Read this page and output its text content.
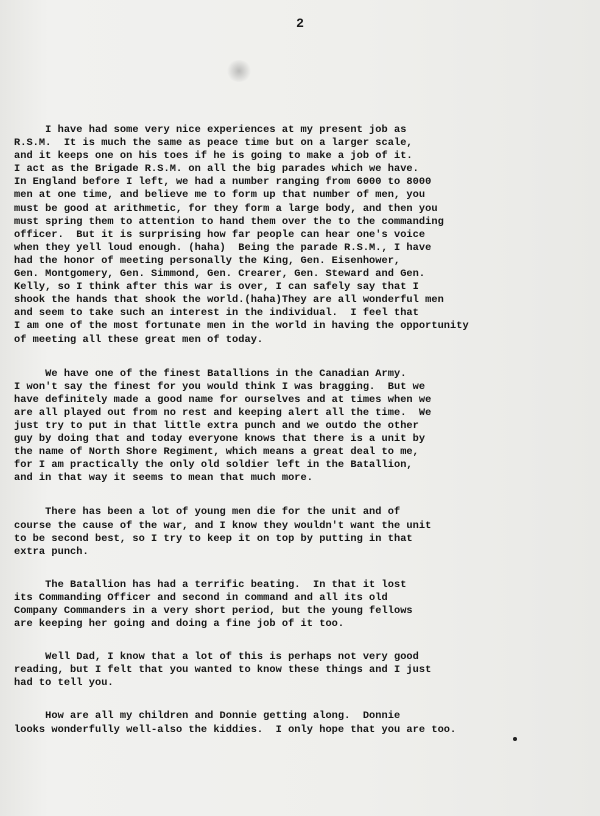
2
I have had some very nice experiences at my present job as
R.S.M.  It is much the same as peace time but on a larger scale,
and it keeps one on his toes if he is going to make a job of it.
I act as the Brigade R.S.M. on all the big parades which we have.
In England before I left, we had a number ranging from 6000 to 8000
men at one time, and believe me to form up that number of men, you
must be good at arithmetic, for they form a large body, and then you
must spring them to attention to hand them over the to the commanding
officer.  But it is surprising how far people can hear one's voice
when they yell loud enough. (haha)  Being the parade R.S.M., I have
had the honor of meeting personally the King, Gen. Eisenhower,
Gen. Montgomery, Gen. Simmond, Gen. Crearer, Gen. Steward and Gen.
Kelly, so I think after this war is over, I can safely say that I
shook the hands that shook the world.(haha)They are all wonderful men
and seem to take such an interest in the individual.  I feel that
I am one of the most fortunate men in the world in having the opportunity
of meeting all these great men of today.
We have one of the finest Batallions in the Canadian Army.
I won't say the finest for you would think I was bragging.  But we
have definitely made a good name for ourselves and at times when we
are all played out from no rest and keeping alert all the time.  We
just try to put in that little extra punch and we outdo the other
guy by doing that and today everyone knows that there is a unit by
the name of North Shore Regiment, which means a great deal to me,
for I am practically the only old soldier left in the Batallion,
and in that way it seems to mean that much more.
There has been a lot of young men die for the unit and of
course the cause of the war, and I know they wouldn't want the unit
to be second best, so I try to keep it on top by putting in that
extra punch.
The Batallion has had a terrific beating.  In that it lost
its Commanding Officer and second in command and all its old
Company Commanders in a very short period, but the young fellows
are keeping her going and doing a fine job of it too.
Well Dad, I know that a lot of this is perhaps not very good
reading, but I felt that you wanted to know these things and I just
had to tell you.
How are all my children and Donnie getting along.  Donnie
looks wonderfully well-also the kiddies.  I only hope that you are too.
